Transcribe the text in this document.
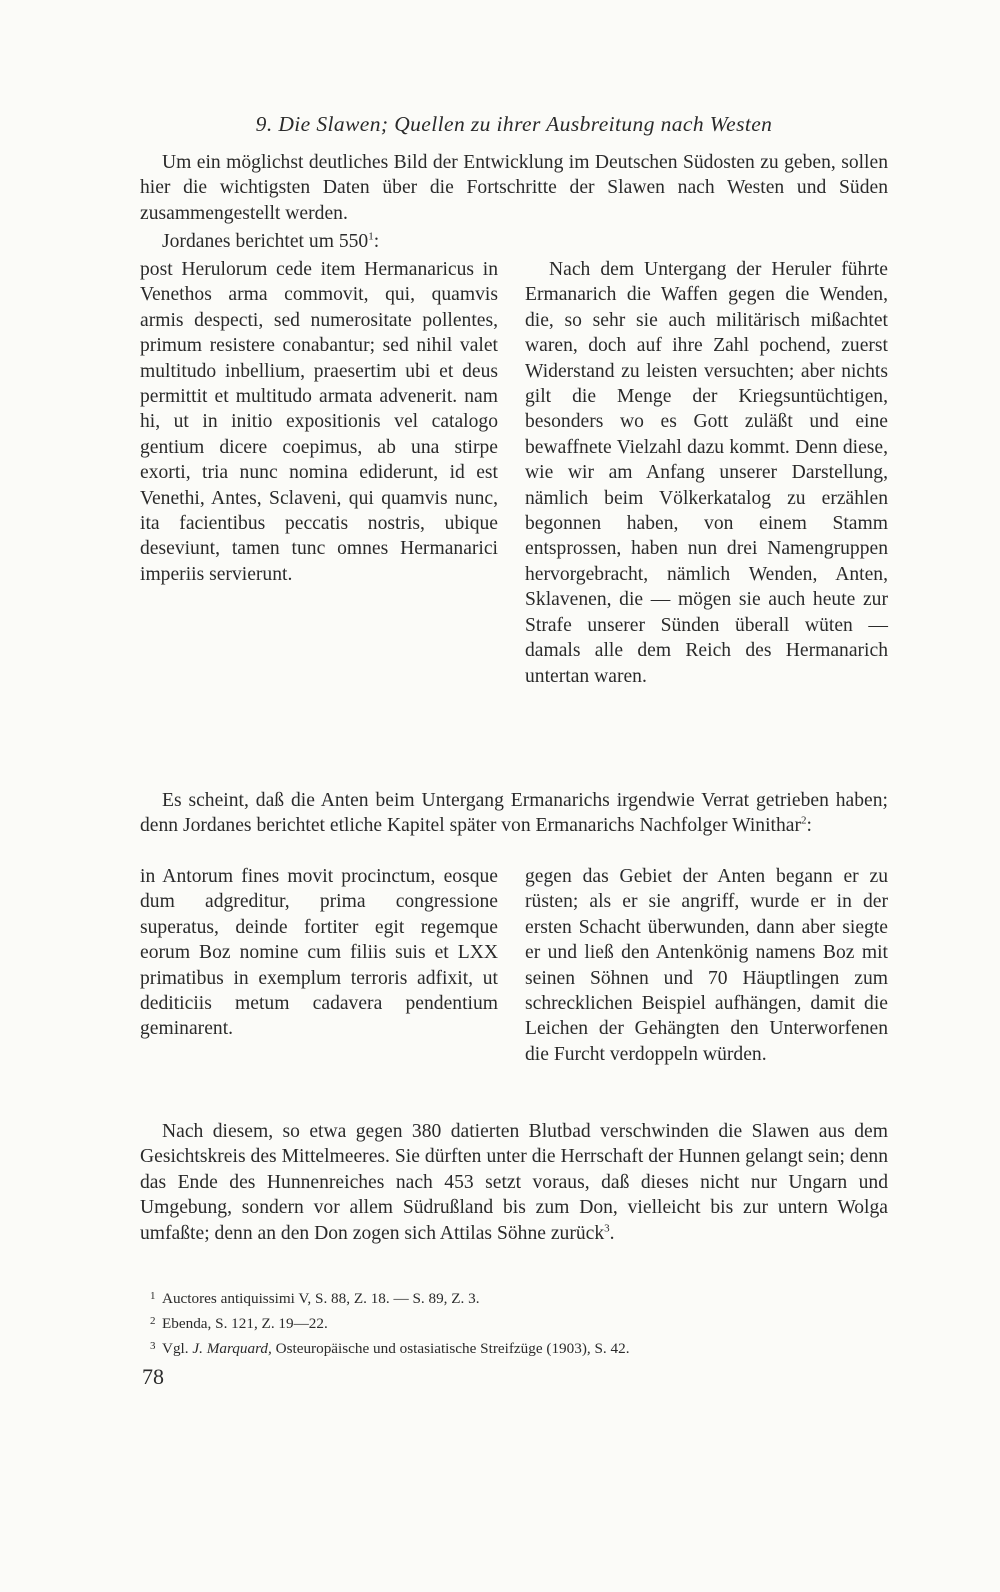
9. Die Slawen; Quellen zu ihrer Ausbreitung nach Westen

Um ein möglichst deutliches Bild der Entwicklung im Deutschen Südosten zu geben, sollen hier die wichtigsten Daten über die Fortschritte der Slawen nach Westen und Süden zusammengestellt werden.

Jordanes berichtet um $550^1$:

post Herulorum cede item Hermanaricus in Venethos arma commovit, qui, quamvis armis despecti, sed numerositate pollentes, primum resistere conabantur; sed nihil valet multitudo inbellium, praesertim ubi et deus permittit et multitudo armata advenerit. nam hi, ut in initio expositionis vel catalogo gentium dicere coepimus, ab una stirpe exorti, tria nunc nomina ediderunt, id est Venethi, Antes, Sclaveni, qui quamvis nunc, ita facientibus peccatis nostris, ubique deseviunt, tamen tunc omnes Hermanarici imperiis servierunt.

Nach dem Untergang der Heruler führte Ermanarich die Waffen gegen die Wenden, die, so sehr sie auch militärisch mißachtet waren, doch auf ihre Zahl pochend, zuerst Widerstand zu leisten versuchten; aber nichts gilt die Menge der Kriegsuntüchtigen, besonders wo es Gott zuläßt und eine bewaffnete Vielzahl dazu kommt. Denn diese, wie wir am Anfang unserer Darstellung, nämlich beim Völkerkatalog zu erzählen begonnen haben, von einem Stamm entsprossen, haben nun drei Namengruppen hervorgebracht, nämlich Wenden, Anten, Sklavenen, die — mögen sie auch heute zur Strafe unserer Sünden überall wüten — damals alle dem Reich des Hermanarich untertan waren.

Es scheint, daß die Anten beim Untergang Ermanarichs irgendwie Verrat getrieben haben; denn Jordanes berichtet etliche Kapitel später von Ermanarichs Nachfolger Winithar$^2$:

in Antorum fines movit procinctum, eosque dum adgreditur, prima congressione superatus, deinde fortiter egit regemque eorum Boz nomine cum filiis suis et LXX primatibus in exemplum terroris adfixit, ut dediticiis metum cadavera pendentium geminarent.

gegen das Gebiet der Anten begann er zu rüsten; als er sie angriff, wurde er in der ersten Schacht überwunden, dann aber siegte er und ließ den Antenkönig namens Boz mit seinen Söhnen und 70 Häuptlingen zum schrecklichen Beispiel aufhängen, damit die Leichen der Gehängten den Unterworfenen die Furcht verdoppeln würden.

Nach diesem, so etwa gegen 380 datierten Blutbad verschwinden die Slawen aus dem Gesichtskreis des Mittelmeeres. Sie dürften unter die Herrschaft der Hunnen gelangt sein; denn das Ende des Hunnenreiches nach 453 setzt voraus, daß dieses nicht nur Ungarn und Umgebung, sondern vor allem Südrußland bis zum Don, vielleicht bis zur untern Wolga umfaßte; denn an den Don zogen sich Attilas Söhne zurück$^3$.

1 Auctores antiquissimi V, S. 88, Z. 18. — S. 89, Z. 3.
2 Ebenda, S. 121, Z. 19—22.
3 Vgl. J. Marquard, Osteuropäische und ostasiatische Streifzüge (1903), S. 42.
78
